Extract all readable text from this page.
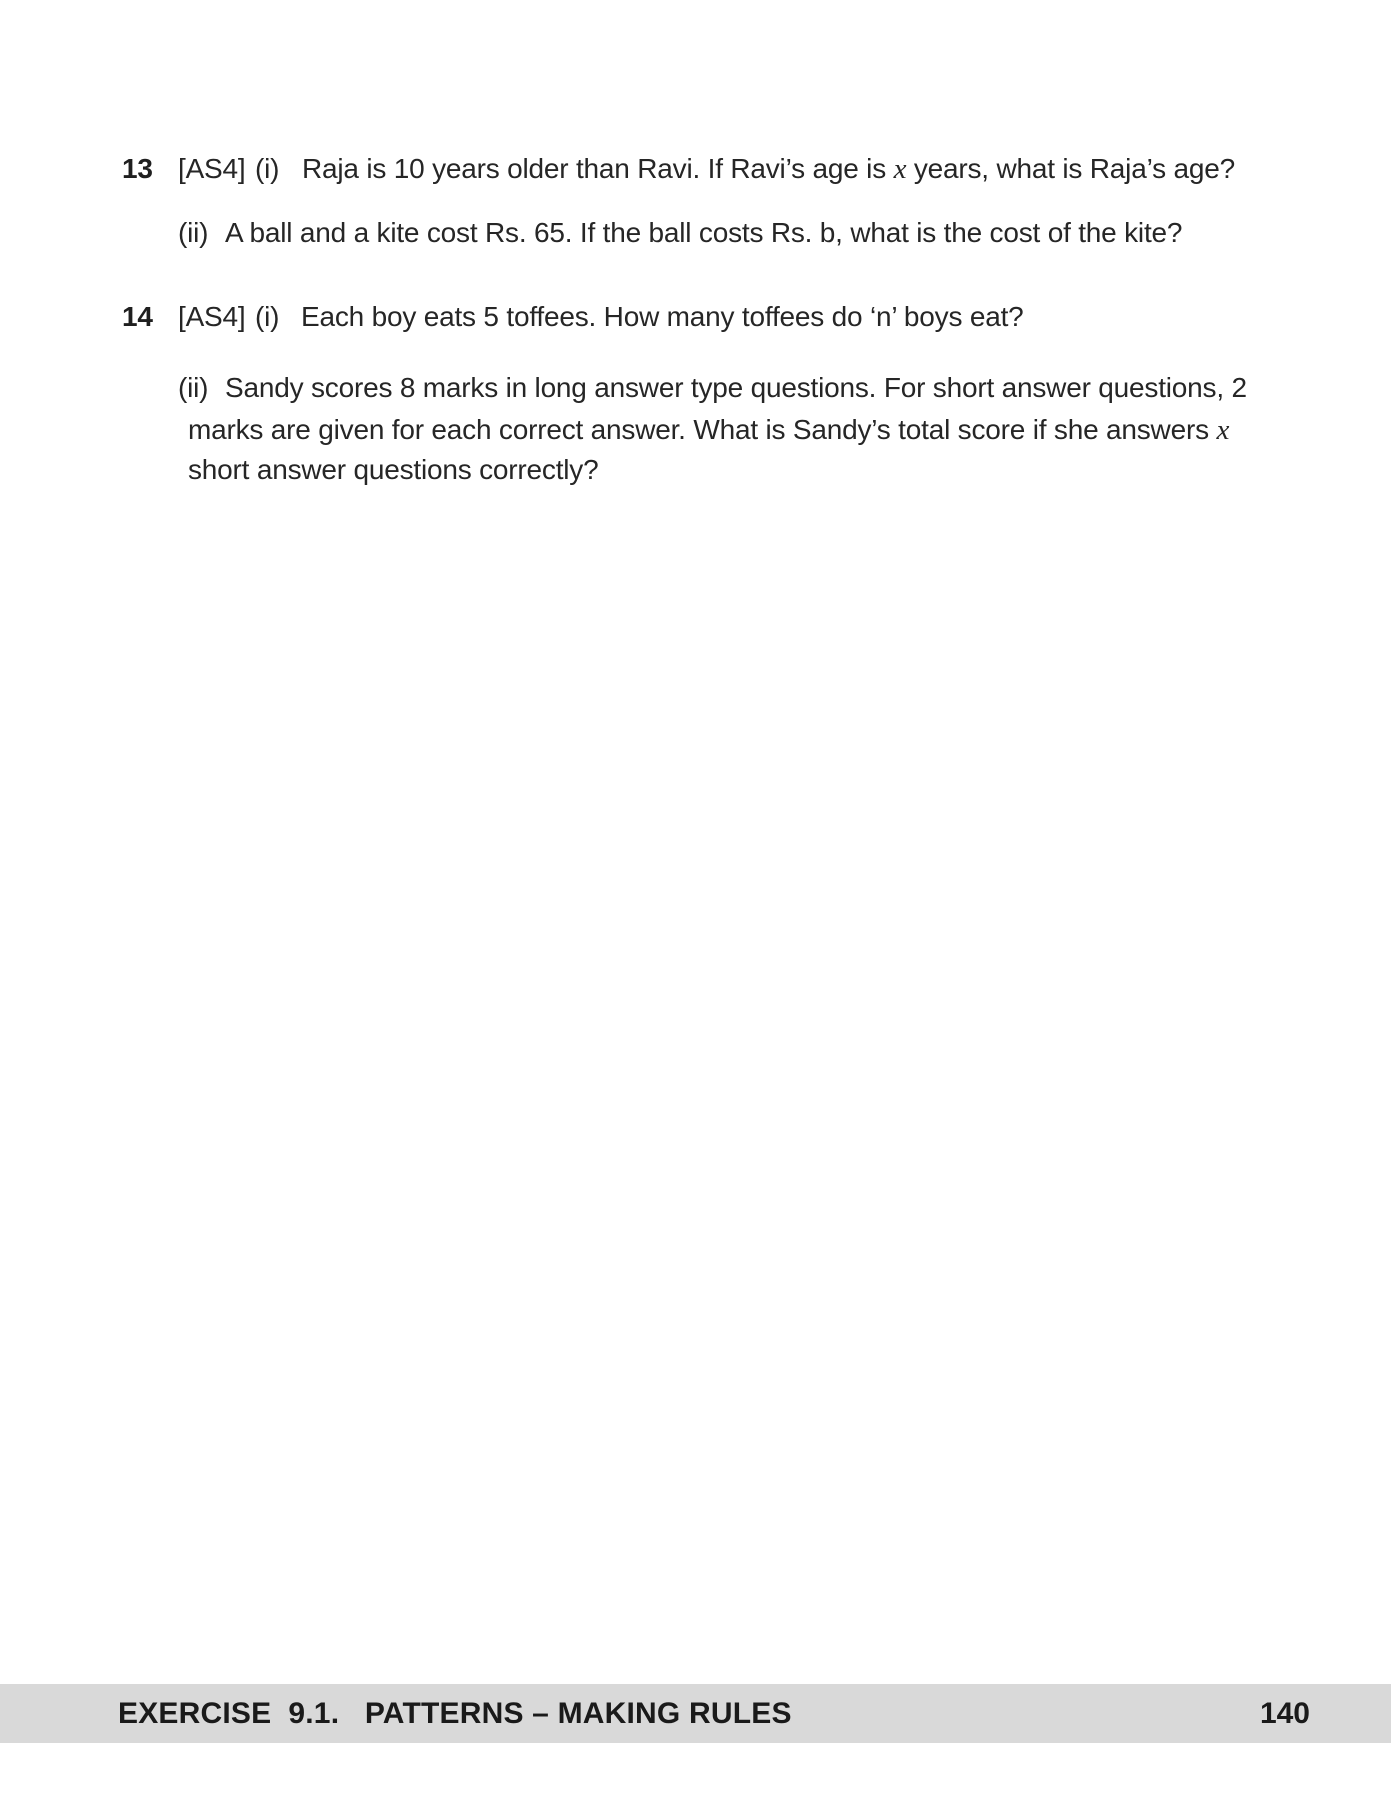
13 [AS4] (i) Raja is 10 years older than Ravi. If Ravi’s age is x years, what is Raja’s age?
(ii) A ball and a kite cost Rs. 65. If the ball costs Rs. b, what is the cost of the kite?
14 [AS4] (i) Each boy eats 5 toffees. How many toffees do ‘n’ boys eat?
(ii) Sandy scores 8 marks in long answer type questions. For short answer questions, 2
marks are given for each correct answer. What is Sandy’s total score if she answers x
short answer questions correctly?
EXERCISE  9.1.   PATTERNS – MAKING RULES	140
